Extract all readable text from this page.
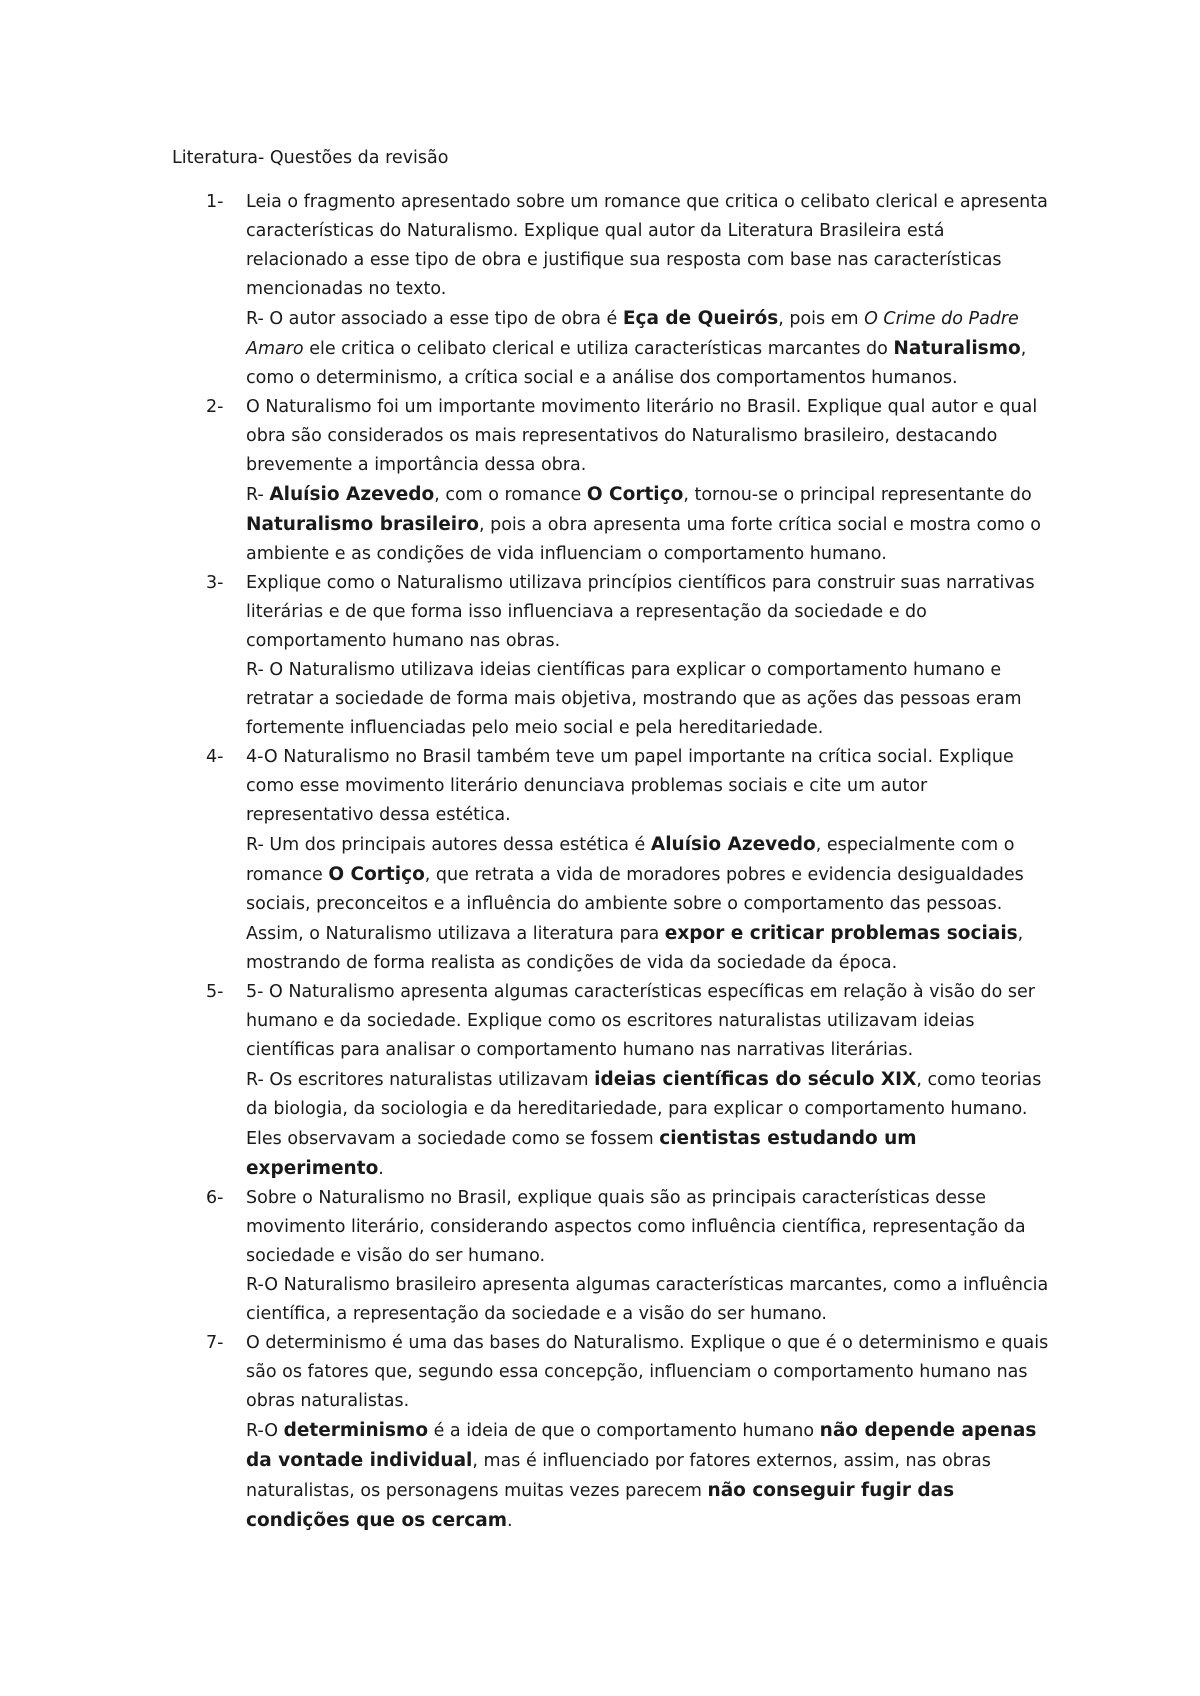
Literatura- Questões da revisão
1- Leia o fragmento apresentado sobre um romance que critica o celibato clerical e apresenta características do Naturalismo. Explique qual autor da Literatura Brasileira está relacionado a esse tipo de obra e justifique sua resposta com base nas características mencionadas no texto.
R- O autor associado a esse tipo de obra é Eça de Queirós, pois em O Crime do Padre Amaro ele critica o celibato clerical e utiliza características marcantes do Naturalismo, como o determinismo, a crítica social e a análise dos comportamentos humanos.
2- O Naturalismo foi um importante movimento literário no Brasil. Explique qual autor e qual obra são considerados os mais representativos do Naturalismo brasileiro, destacando brevemente a importância dessa obra.
R- Aluísio Azevedo, com o romance O Cortiço, tornou-se o principal representante do Naturalismo brasileiro, pois a obra apresenta uma forte crítica social e mostra como o ambiente e as condições de vida influenciam o comportamento humano.
3- Explique como o Naturalismo utilizava princípios científicos para construir suas narrativas literárias e de que forma isso influenciava a representação da sociedade e do comportamento humano nas obras.
R- O Naturalismo utilizava ideias científicas para explicar o comportamento humano e retratar a sociedade de forma mais objetiva, mostrando que as ações das pessoas eram fortemente influenciadas pelo meio social e pela hereditariedade.
4- 4-O Naturalismo no Brasil também teve um papel importante na crítica social. Explique como esse movimento literário denunciava problemas sociais e cite um autor representativo dessa estética.
R- Um dos principais autores dessa estética é Aluísio Azevedo, especialmente com o romance O Cortiço, que retrata a vida de moradores pobres e evidencia desigualdades sociais, preconceitos e a influência do ambiente sobre o comportamento das pessoas. Assim, o Naturalismo utilizava a literatura para expor e criticar problemas sociais, mostrando de forma realista as condições de vida da sociedade da época.
5- 5- O Naturalismo apresenta algumas características específicas em relação à visão do ser humano e da sociedade. Explique como os escritores naturalistas utilizavam ideias científicas para analisar o comportamento humano nas narrativas literárias.
R- Os escritores naturalistas utilizavam ideias científicas do século XIX, como teorias da biologia, da sociologia e da hereditariedade, para explicar o comportamento humano. Eles observavam a sociedade como se fossem cientistas estudando um experimento.
6- Sobre o Naturalismo no Brasil, explique quais são as principais características desse movimento literário, considerando aspectos como influência científica, representação da sociedade e visão do ser humano.
R-O Naturalismo brasileiro apresenta algumas características marcantes, como a influência científica, a representação da sociedade e a visão do ser humano.
7- O determinismo é uma das bases do Naturalismo. Explique o que é o determinismo e quais são os fatores que, segundo essa concepção, influenciam o comportamento humano nas obras naturalistas.
R-O determinismo é a ideia de que o comportamento humano não depende apenas da vontade individual, mas é influenciado por fatores externos, assim, nas obras naturalistas, os personagens muitas vezes parecem não conseguir fugir das condições que os cercam.
